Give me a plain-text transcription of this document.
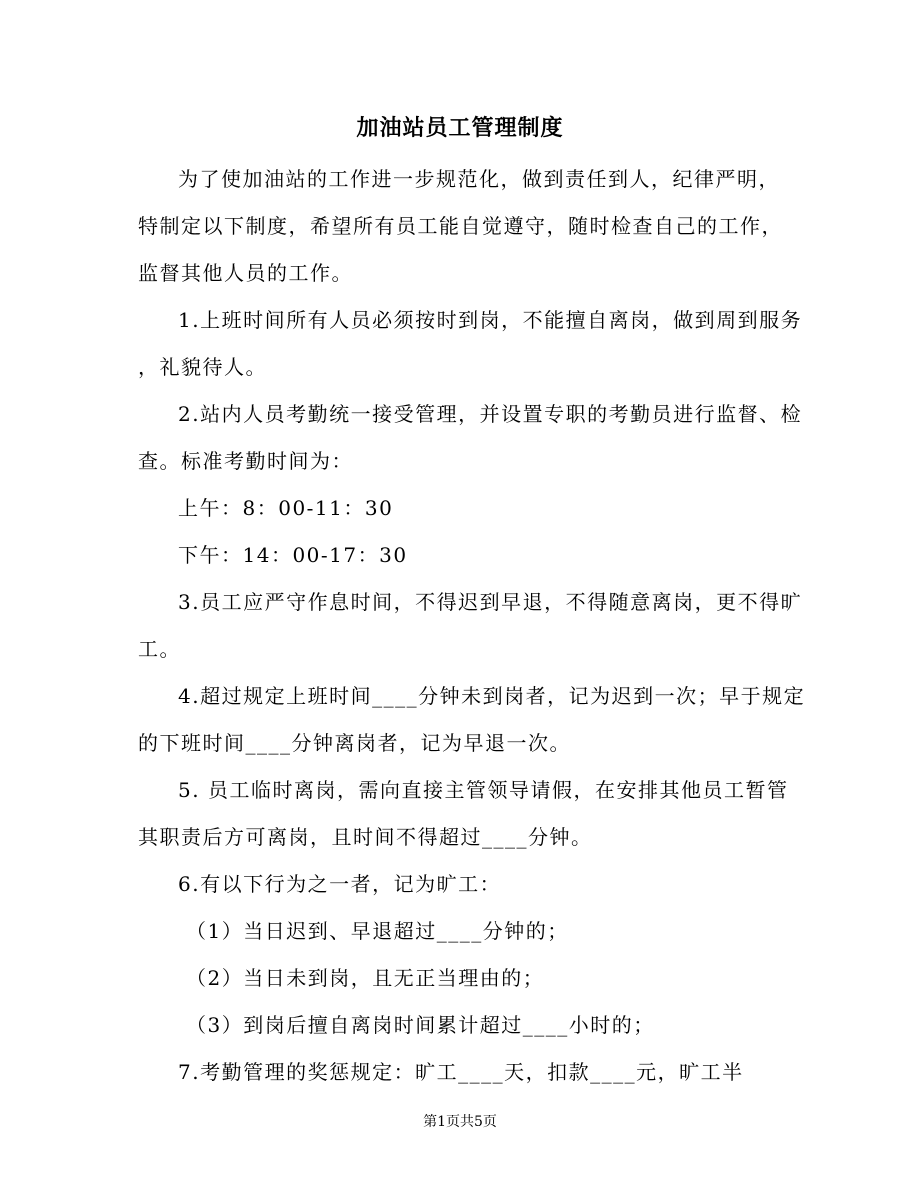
加油站员工管理制度
为了使加油站的工作进一步规范化，做到责任到人，纪律严明，
特制定以下制度，希望所有员工能自觉遵守，随时检查自己的工作，
监督其他人员的工作。
1.上班时间所有人员必须按时到岗，不能擅自离岗，做到周到服务
，礼貌待人。
2.站内人员考勤统一接受管理，并设置专职的考勤员进行监督、检
查。标准考勤时间为：
上午：8：00-11：30
下午：14：00-17：30
3.员工应严守作息时间，不得迟到早退，不得随意离岗，更不得旷
工。
4.超过规定上班时间____分钟未到岗者，记为迟到一次；早于规定
的下班时间____分钟离岗者，记为早退一次。
5. 员工临时离岗，需向直接主管领导请假，在安排其他员工暂管
其职责后方可离岗，且时间不得超过____分钟。
6.有以下行为之一者，记为旷工：
（1）当日迟到、早退超过____分钟的；
（2）当日未到岗，且无正当理由的；
（3）到岗后擅自离岗时间累计超过____小时的；
7.考勤管理的奖惩规定：旷工____天，扣款____元，旷工半
第1页共5页
